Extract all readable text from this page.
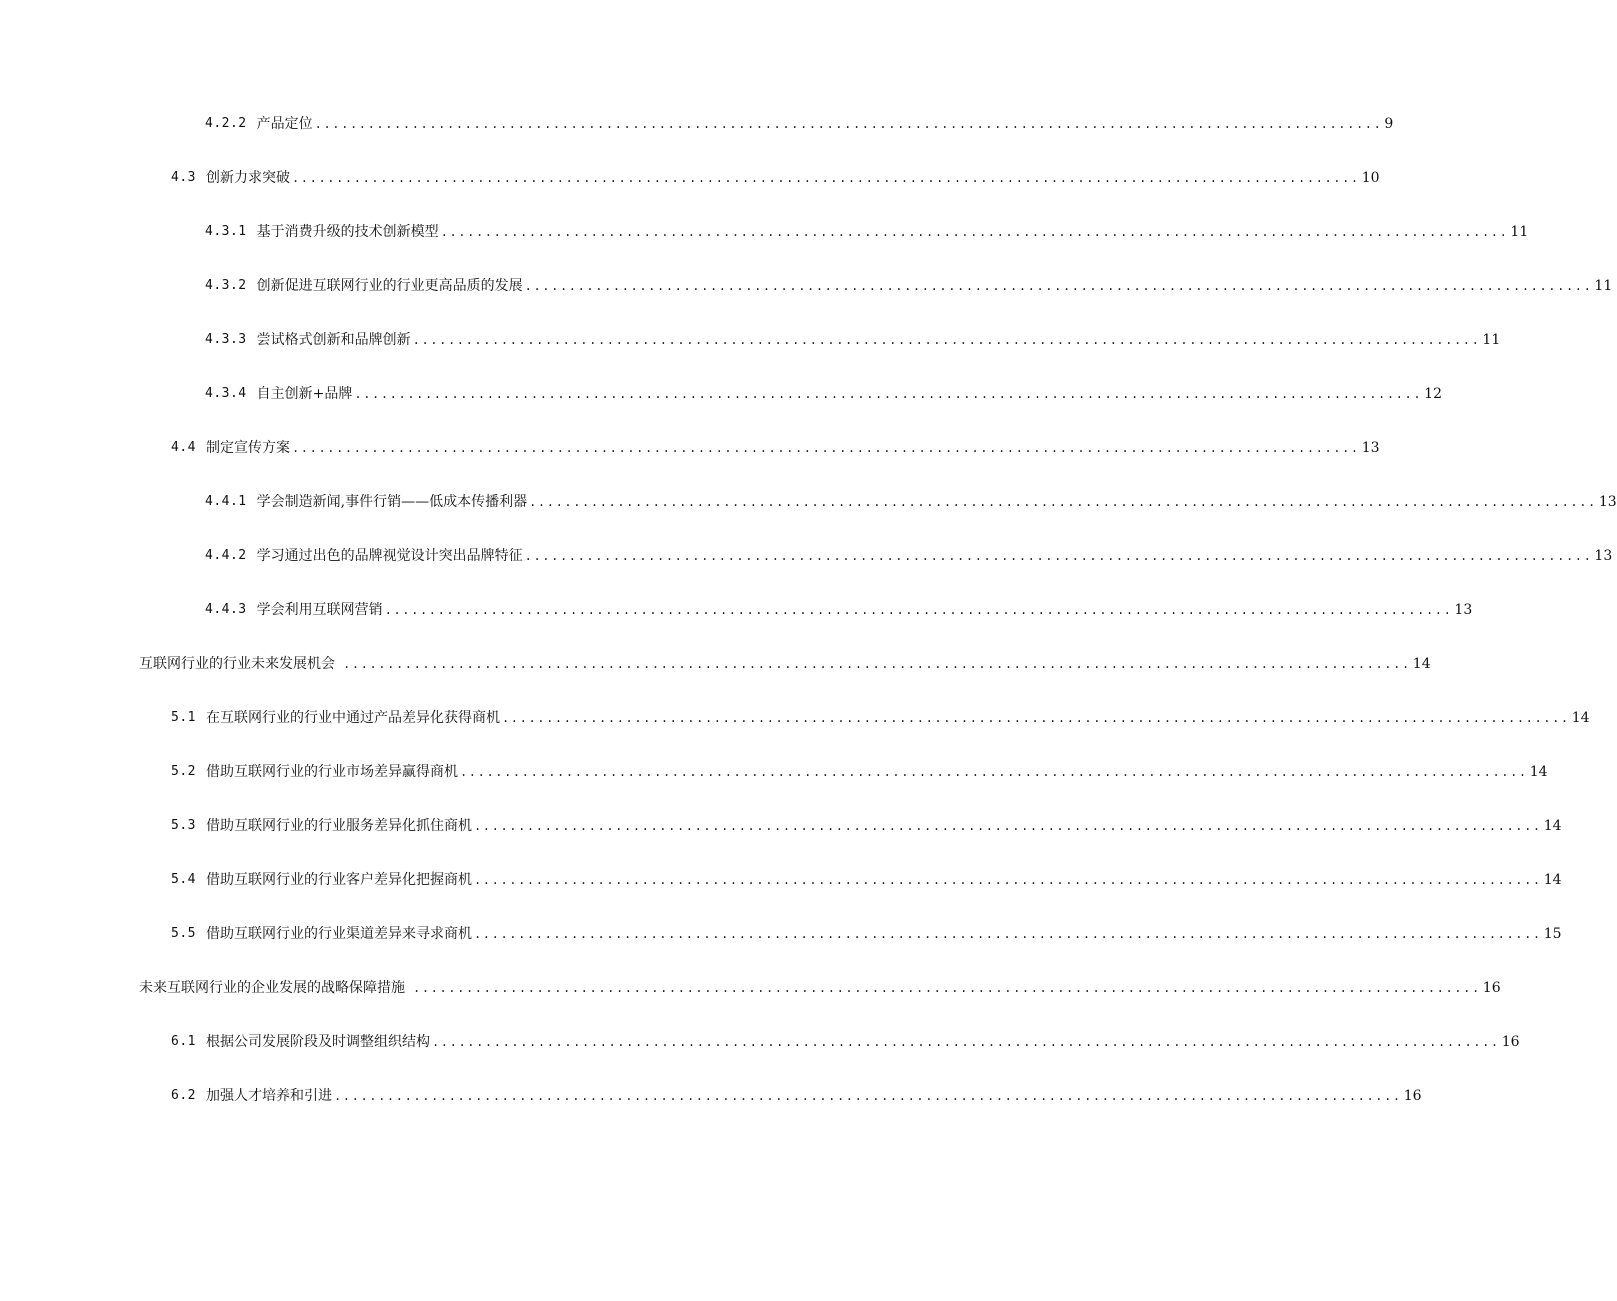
4.2.2 产品定位 ......................................................................................................................... 9
4.3 创新力求突破 ......................................................................................................................... 10
4.3.1 基于消费升级的技术创新模型 ......................................................................................................................... 11
4.3.2 创新促进互联网行业的行业更高品质的发展 ......................................................................................................................... 11
4.3.3 尝试格式创新和品牌创新 ......................................................................................................................... 11
4.3.4 自主创新+品牌 ......................................................................................................................... 12
4.4 制定宣传方案 ......................................................................................................................... 13
4.4.1 学会制造新闻,事件行销——低成本传播利器 ......................................................................................................................... 13
4.4.2 学习通过出色的品牌视觉设计突出品牌特征 ......................................................................................................................... 13
4.4.3 学会利用互联网营销 ......................................................................................................................... 13
互联网行业的行业未来发展机会 ......................................................................................................................... 14
5.1 在互联网行业的行业中通过产品差异化获得商机 ......................................................................................................................... 14
5.2 借助互联网行业的行业市场差异赢得商机 ......................................................................................................................... 14
5.3 借助互联网行业的行业服务差异化抓住商机 ......................................................................................................................... 14
5.4 借助互联网行业的行业客户差异化把握商机 ......................................................................................................................... 14
5.5 借助互联网行业的行业渠道差异来寻求商机 ......................................................................................................................... 15
未来互联网行业的企业发展的战略保障措施 ......................................................................................................................... 16
6.1 根据公司发展阶段及时调整组织结构 ......................................................................................................................... 16
6.2 加强人才培养和引进 ......................................................................................................................... 16
